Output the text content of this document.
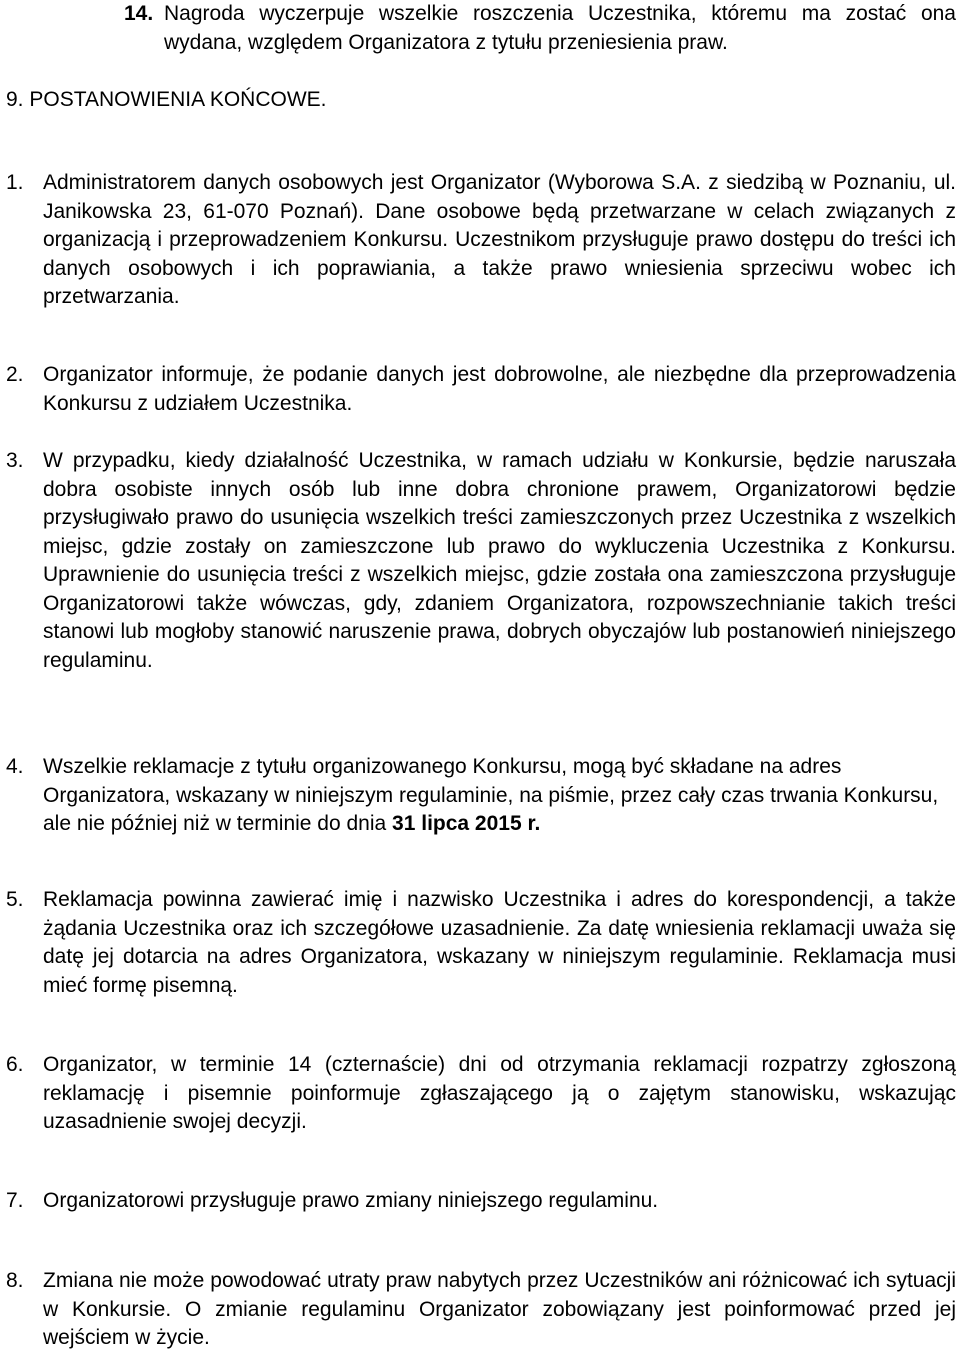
14. Nagroda wyczerpuje wszelkie roszczenia Uczestnika, któremu ma zostać ona wydana, względem Organizatora z tytułu przeniesienia praw.
9. POSTANOWIENIA KOŃCOWE.
1. Administratorem danych osobowych jest Organizator (Wyborowa S.A. z siedzibą w Poznaniu, ul. Janikowska 23, 61-070 Poznań). Dane osobowe będą przetwarzane w celach związanych z organizacją i przeprowadzeniem Konkursu. Uczestnikom przysługuje prawo dostępu do treści ich danych osobowych i ich poprawiania, a także prawo wniesienia sprzeciwu wobec ich przetwarzania.
2. Organizator informuje, że podanie danych jest dobrowolne, ale niezbędne dla przeprowadzenia Konkursu z udziałem Uczestnika.
3. W przypadku, kiedy działalność Uczestnika, w ramach udziału w Konkursie, będzie naruszała dobra osobiste innych osób lub inne dobra chronione prawem, Organizatorowi będzie przysługiwało prawo do usunięcia wszelkich treści zamieszczonych przez Uczestnika z wszelkich miejsc, gdzie zostały on zamieszczone lub prawo do wykluczenia Uczestnika z Konkursu. Uprawnienie do usunięcia treści z wszelkich miejsc, gdzie została ona zamieszczona przysługuje Organizatorowi także wówczas, gdy, zdaniem Organizatora, rozpowszechnianie takich treści stanowi lub mogłoby stanowić naruszenie prawa, dobrych obyczajów lub postanowień niniejszego regulaminu.
4. Wszelkie reklamacje z tytułu organizowanego Konkursu, mogą być składane na adres Organizatora, wskazany w niniejszym regulaminie, na piśmie, przez cały czas trwania Konkursu, ale nie później niż w terminie do dnia 31 lipca 2015 r.
5. Reklamacja powinna zawierać imię i nazwisko Uczestnika i adres do korespondencji, a także żądania Uczestnika oraz ich szczegółowe uzasadnienie. Za datę wniesienia reklamacji uważa się datę jej dotarcia na adres Organizatora, wskazany w niniejszym regulaminie. Reklamacja musi mieć formę pisemną.
6. Organizator, w terminie 14 (czternaście) dni od otrzymania reklamacji rozpatrzy zgłoszoną reklamację i pisemnie poinformuje zgłaszającego ją o zajętym stanowisku, wskazując uzasadnienie swojej decyzji.
7. Organizatorowi przysługuje prawo zmiany niniejszego regulaminu.
8. Zmiana nie może powodować utraty praw nabytych przez Uczestników ani różnicować ich sytuacji w Konkursie. O zmianie regulaminu Organizator zobowiązany jest poinformować przed jej wejściem w życie.
